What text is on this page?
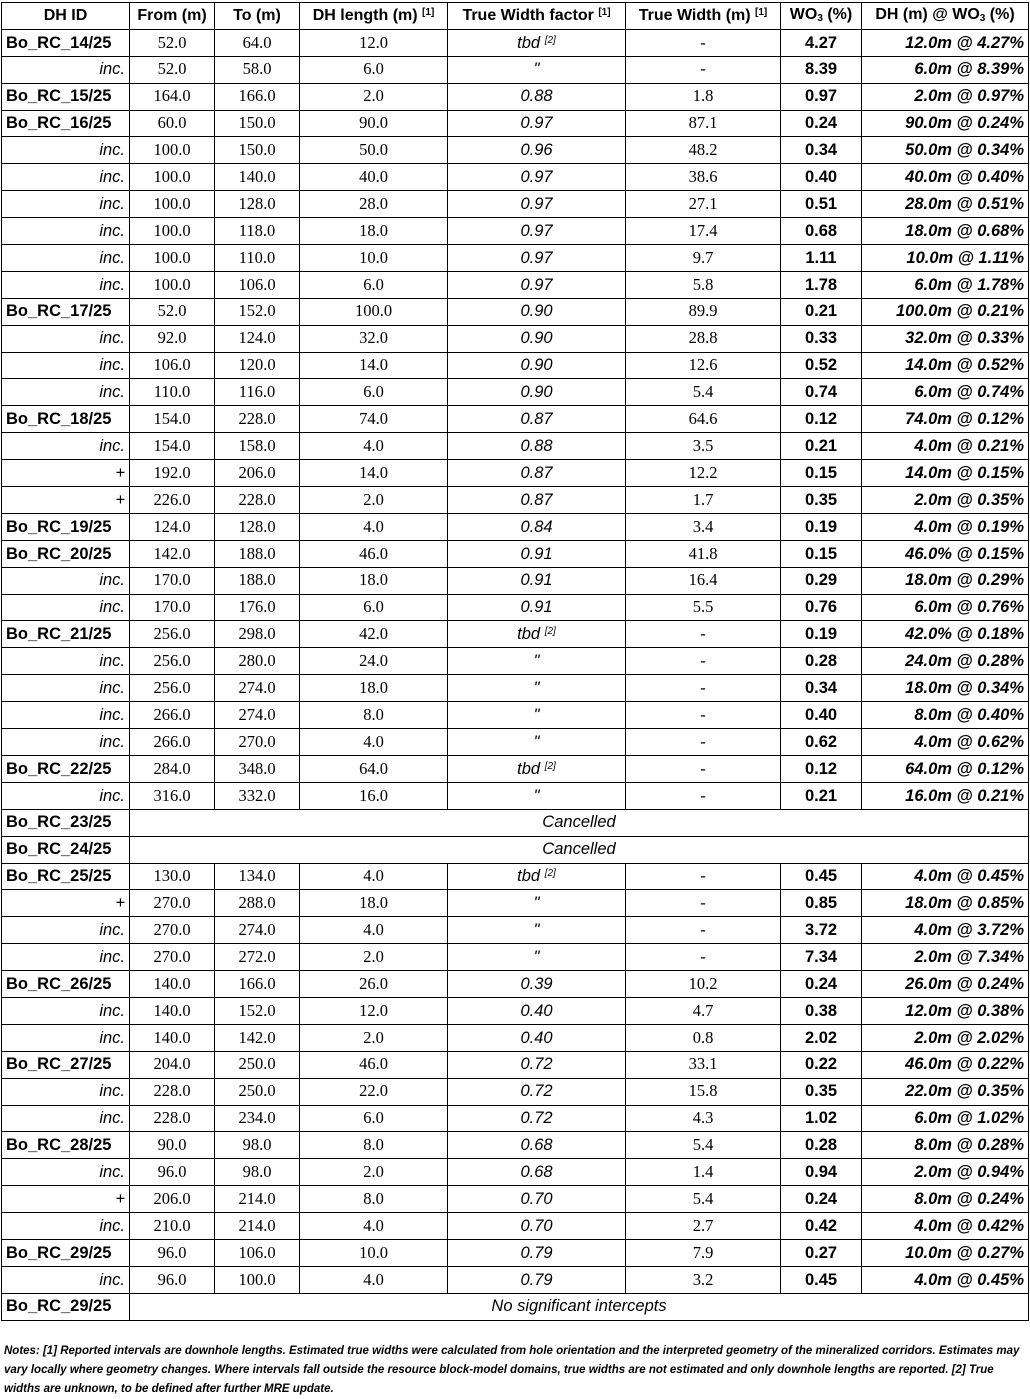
DH ID	From (m)	To (m)	DH length (m) [1]	True Width factor [1]	True Width (m) [1]	$WO_3$ (%)	DH (m) @ $WO_3$ (%)
Bo_RC_14/25	52.0	64.0	12.0	tbd [2]	-	4.27	12.0m @ 4.27%
inc.	52.0	58.0	6.0	"	-	8.39	6.0m @ 8.39%
Bo_RC_15/25	164.0	166.0	2.0	0.88	1.8	0.97	2.0m @ 0.97%
Bo_RC_16/25	60.0	150.0	90.0	0.97	87.1	0.24	90.0m @ 0.24%
inc.	100.0	150.0	50.0	0.96	48.2	0.34	50.0m @ 0.34%
inc.	100.0	140.0	40.0	0.97	38.6	0.40	40.0m @ 0.40%
inc.	100.0	128.0	28.0	0.97	27.1	0.51	28.0m @ 0.51%
inc.	100.0	118.0	18.0	0.97	17.4	0.68	18.0m @ 0.68%
inc.	100.0	110.0	10.0	0.97	9.7	1.11	10.0m @ 1.11%
inc.	100.0	106.0	6.0	0.97	5.8	1.78	6.0m @ 1.78%
Bo_RC_17/25	52.0	152.0	100.0	0.90	89.9	0.21	100.0m @ 0.21%
inc.	92.0	124.0	32.0	0.90	28.8	0.33	32.0m @ 0.33%
inc.	106.0	120.0	14.0	0.90	12.6	0.52	14.0m @ 0.52%
inc.	110.0	116.0	6.0	0.90	5.4	0.74	6.0m @ 0.74%
Bo_RC_18/25	154.0	228.0	74.0	0.87	64.6	0.12	74.0m @ 0.12%
inc.	154.0	158.0	4.0	0.88	3.5	0.21	4.0m @ 0.21%
+	192.0	206.0	14.0	0.87	12.2	0.15	14.0m @ 0.15%
+	226.0	228.0	2.0	0.87	1.7	0.35	2.0m @ 0.35%
Bo_RC_19/25	124.0	128.0	4.0	0.84	3.4	0.19	4.0m @ 0.19%
Bo_RC_20/25	142.0	188.0	46.0	0.91	41.8	0.15	46.0% @ 0.15%
inc.	170.0	188.0	18.0	0.91	16.4	0.29	18.0m @ 0.29%
inc.	170.0	176.0	6.0	0.91	5.5	0.76	6.0m @ 0.76%
Bo_RC_21/25	256.0	298.0	42.0	tbd [2]	-	0.19	42.0% @ 0.18%
inc.	256.0	280.0	24.0	"	-	0.28	24.0m @ 0.28%
inc.	256.0	274.0	18.0	"	-	0.34	18.0m @ 0.34%
inc.	266.0	274.0	8.0	"	-	0.40	8.0m @ 0.40%
inc.	266.0	270.0	4.0	"	-	0.62	4.0m @ 0.62%
Bo_RC_22/25	284.0	348.0	64.0	tbd [2]	-	0.12	64.0m @ 0.12%
inc.	316.0	332.0	16.0	"	-	0.21	16.0m @ 0.21%
Bo_RC_23/25	Cancelled						
Bo_RC_24/25	Cancelled						
Bo_RC_25/25	130.0	134.0	4.0	tbd [2]	-	0.45	4.0m @ 0.45%
+	270.0	288.0	18.0	"	-	0.85	18.0m @ 0.85%
inc.	270.0	274.0	4.0	"	-	3.72	4.0m @ 3.72%
inc.	270.0	272.0	2.0	"	-	7.34	2.0m @ 7.34%
Bo_RC_26/25	140.0	166.0	26.0	0.39	10.2	0.24	26.0m @ 0.24%
inc.	140.0	152.0	12.0	0.40	4.7	0.38	12.0m @ 0.38%
inc.	140.0	142.0	2.0	0.40	0.8	2.02	2.0m @ 2.02%
Bo_RC_27/25	204.0	250.0	46.0	0.72	33.1	0.22	46.0m @ 0.22%
inc.	228.0	250.0	22.0	0.72	15.8	0.35	22.0m @ 0.35%
inc.	228.0	234.0	6.0	0.72	4.3	1.02	6.0m @ 1.02%
Bo_RC_28/25	90.0	98.0	8.0	0.68	5.4	0.28	8.0m @ 0.28%
inc.	96.0	98.0	2.0	0.68	1.4	0.94	2.0m @ 0.94%
+	206.0	214.0	8.0	0.70	5.4	0.24	8.0m @ 0.24%
inc.	210.0	214.0	4.0	0.70	2.7	0.42	4.0m @ 0.42%
Bo_RC_29/25	96.0	106.0	10.0	0.79	7.9	0.27	10.0m @ 0.27%
inc.	96.0	100.0	4.0	0.79	3.2	0.45	4.0m @ 0.45%
Bo_RC_29/25	No significant intercepts						

Notes: [1] Reported intervals are downhole lengths. Estimated true widths were calculated from hole orientation and the interpreted geometry of the mineralized corridors. Estimates may vary locally where geometry changes. Where intervals fall outside the resource block-model domains, true widths are not estimated and only downhole lengths are reported. [2] True widths are unknown, to be defined after further MRE update.
